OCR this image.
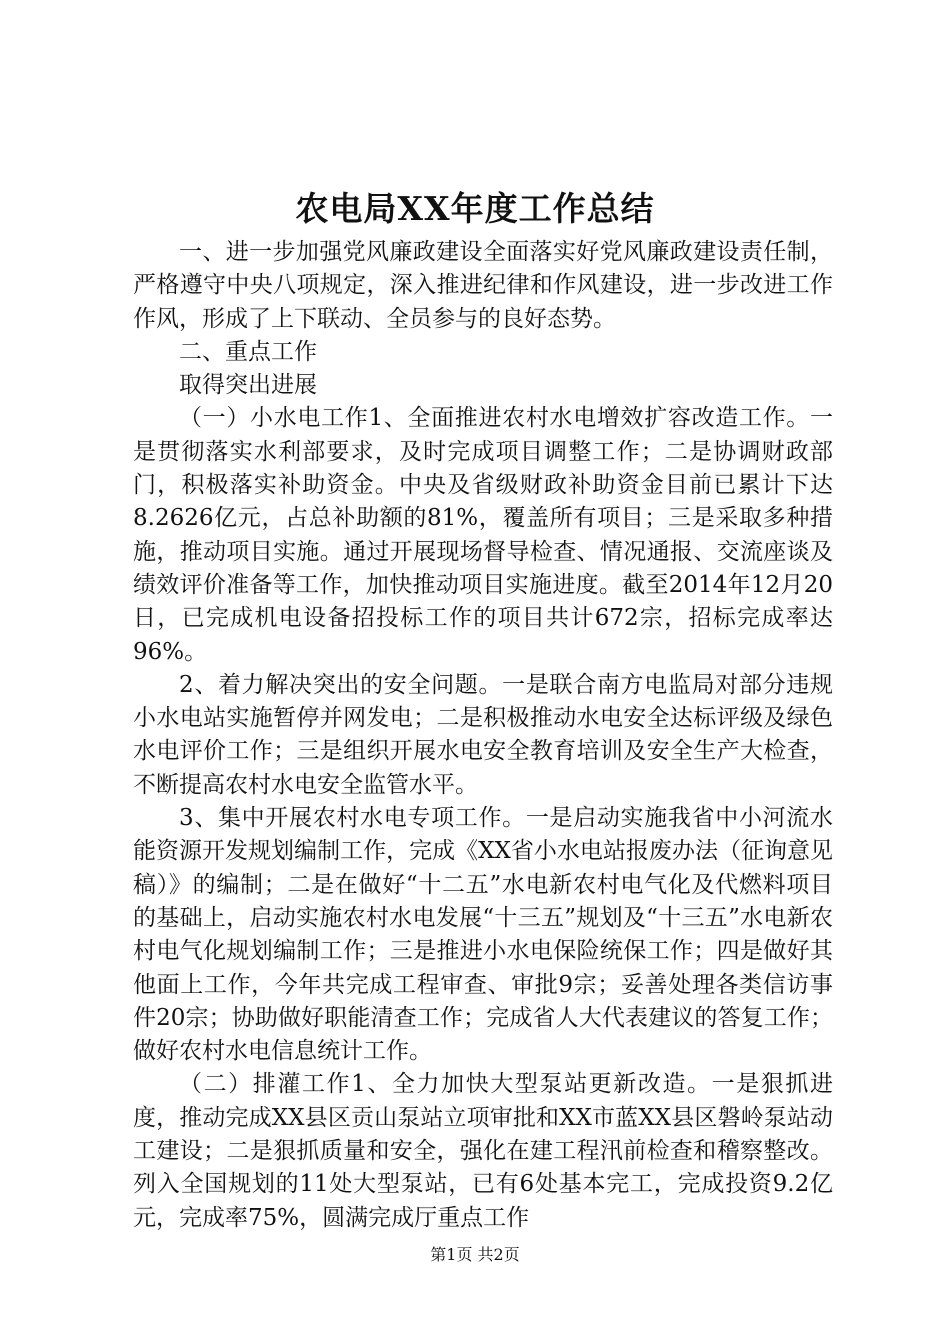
农电局XX年度工作总结

一、进一步加强党风廉政建设全面落实好党风廉政建设责任制，严格遵守中央八项规定，深入推进纪律和作风建设，进一步改进工作作风，形成了上下联动、全员参与的良好态势。

二、重点工作

取得突出进展

（一）小水电工作1、全面推进农村水电增效扩容改造工作。一是贯彻落实水利部要求，及时完成项目调整工作；二是协调财政部门，积极落实补助资金。中央及省级财政补助资金目前已累计下达8.2626亿元，占总补助额的81%，覆盖所有项目；三是采取多种措施，推动项目实施。通过开展现场督导检查、情况通报、交流座谈及绩效评价准备等工作，加快推动项目实施进度。截至2014年12月20日，已完成机电设备招投标工作的项目共计672宗，招标完成率达96%。

2、着力解决突出的安全问题。一是联合南方电监局对部分违规小水电站实施暂停并网发电；二是积极推动水电安全达标评级及绿色水电评价工作；三是组织开展水电安全教育培训及安全生产大检查，不断提高农村水电安全监管水平。

3、集中开展农村水电专项工作。一是启动实施我省中小河流水能资源开发规划编制工作，完成《XX省小水电站报废办法（征询意见稿）》的编制；二是在做好“十二五”水电新农村电气化及代燃料项目的基础上，启动实施农村水电发展“十三五”规划及“十三五”水电新农村电气化规划编制工作；三是推进小水电保险统保工作；四是做好其他面上工作，今年共完成工程审查、审批9宗；妥善处理各类信访事件20宗；协助做好职能清查工作；完成省人大代表建议的答复工作；做好农村水电信息统计工作。

（二）排灌工作1、全力加快大型泵站更新改造。一是狠抓进度，推动完成XX县区贡山泵站立项审批和XX市蓝XX县区磐岭泵站动工建设；二是狠抓质量和安全，强化在建工程汛前检查和稽察整改。列入全国规划的11处大型泵站，已有6处基本完工，完成投资9.2亿元，完成率75%，圆满完成厅重点工作

第1页 共2页
